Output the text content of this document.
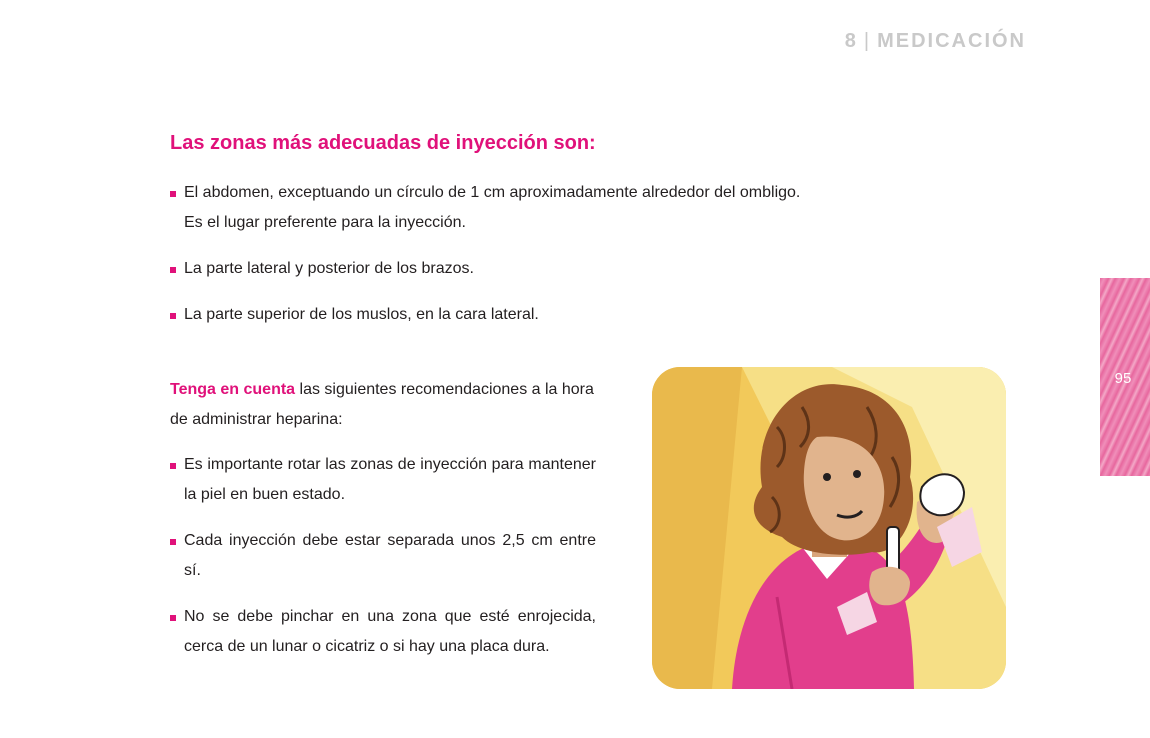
8 | MEDICACIÓN
Las zonas más adecuadas de inyección son:
El abdomen, exceptuando un círculo de 1 cm aproximadamente alrededor del ombligo.
Es el lugar preferente para la inyección.
La parte lateral y posterior de los brazos.
La parte superior de los muslos, en la cara lateral.

Tenga en cuenta las siguientes recomendaciones a la hora de administrar heparina:

Es importante rotar las zonas de inyección para mantener la piel en buen estado.
Cada inyección debe estar separada unos 2,5 cm entre sí.
No se debe pinchar en una zona que esté enrojecida, cerca de un lunar o cicatriz o si hay una placa dura.
95
